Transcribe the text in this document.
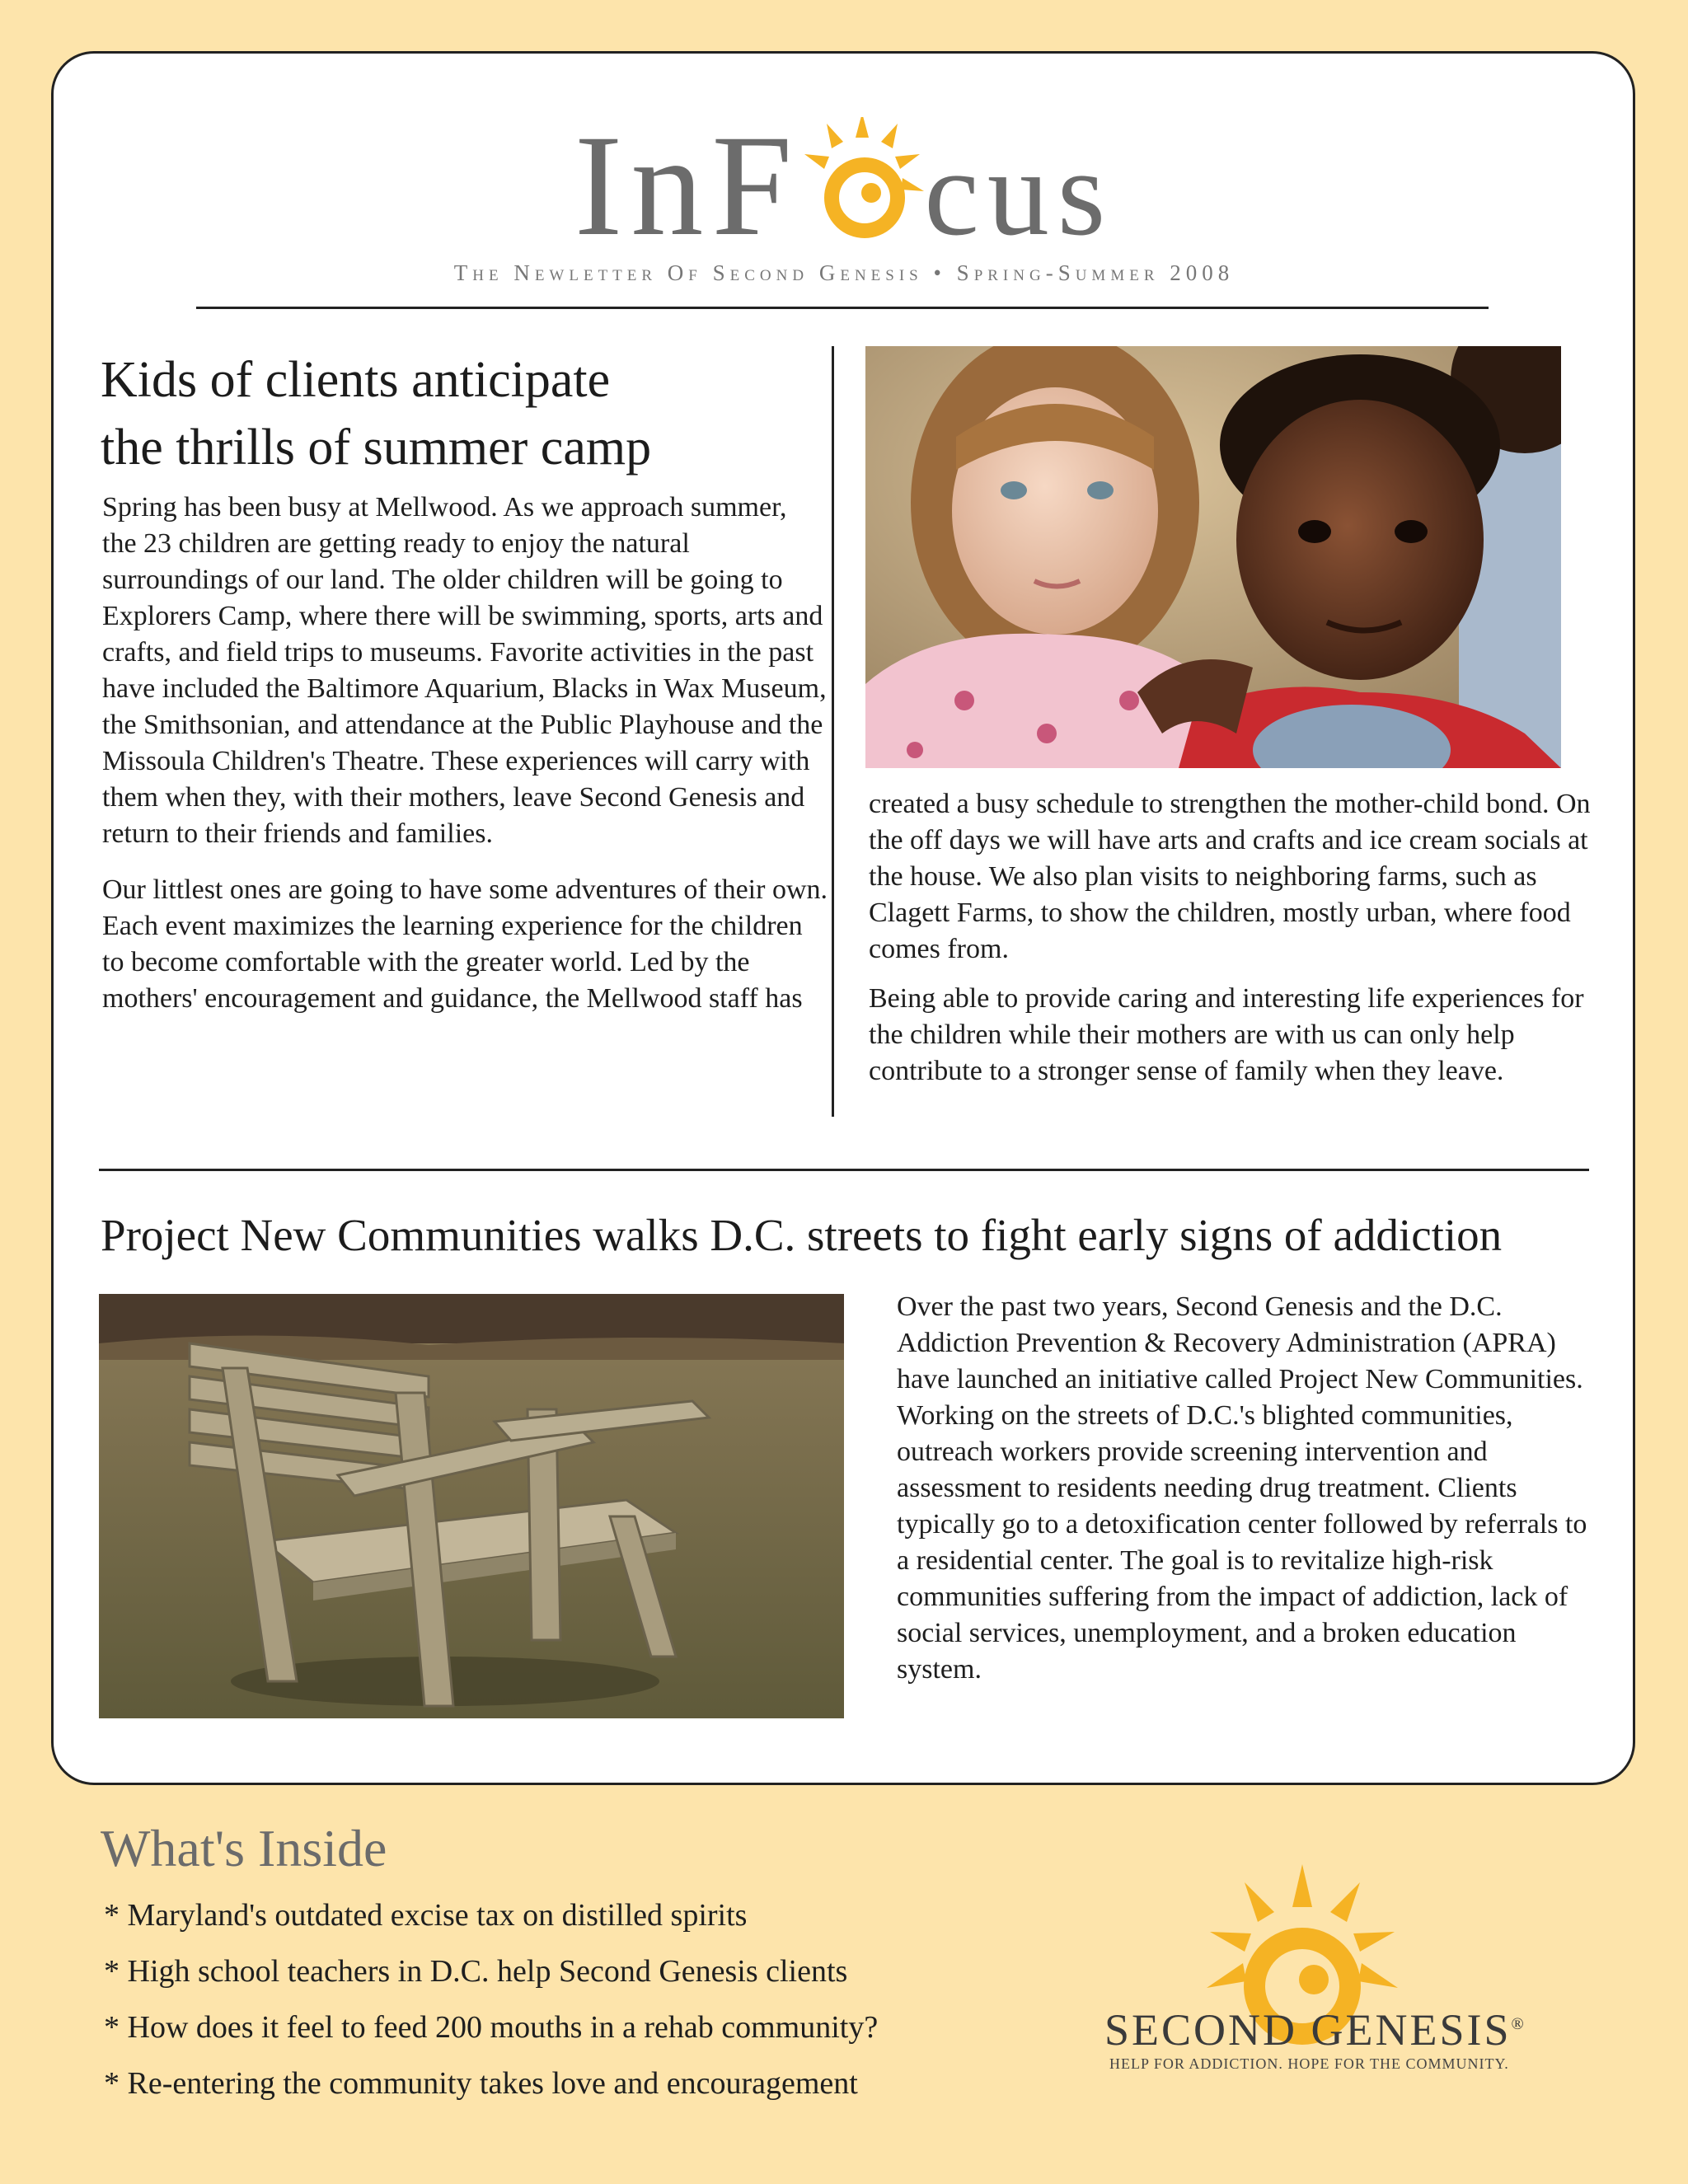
InF cus
The Newletter Of Second Genesis • Spring-Summer 2008
Kids of clients anticipate
the thrills of summer camp

Spring has been busy at Mellwood. As we approach summer, the 23 children are getting ready to enjoy the natural surroundings of our land. The older children will be going to Explorers Camp, where there will be swimming, sports, arts and crafts, and field trips to museums. Favorite activities in the past have included the Baltimore Aquarium, Blacks in Wax Museum, the Smithsonian, and attendance at the Public Playhouse and the Missoula Children's Theatre. These experiences will carry with them when they, with their mothers, leave Second Genesis and return to their friends and families.

Our littlest ones are going to have some adventures of their own. Each event maximizes the learning experience for the children to become comfortable with the greater world. Led by the mothers' encouragement and guidance, the Mellwood staff has

created a busy schedule to strengthen the mother-child bond. On the off days we will have arts and crafts and ice cream socials at the house. We also plan visits to neighboring farms, such as Clagett Farms, to show the children, mostly urban, where food comes from.

Being able to provide caring and interesting life experiences for the children while their mothers are with us can only help contribute to a stronger sense of family when they leave.

Project New Communities walks D.C. streets to fight early signs of addiction

Over the past two years, Second Genesis and the D.C. Addiction Prevention & Recovery Administration (APRA) have launched an initiative called Project New Communities. Working on the streets of D.C.'s blighted communities, outreach workers provide screening intervention and assessment to residents needing drug treatment. Clients typically go to a detoxification center followed by referrals to a residential center. The goal is to revitalize high-risk communities suffering from the impact of addiction, lack of social services, unemployment, and a broken education system.

What's Inside
* Maryland's outdated excise tax on distilled spirits
* High school teachers in D.C. help Second Genesis clients
* How does it feel to feed 200 mouths in a rehab community?
* Re-entering the community takes love and encouragement
SECOND GENESIS®
HELP FOR ADDICTION. HOPE FOR THE COMMUNITY.
